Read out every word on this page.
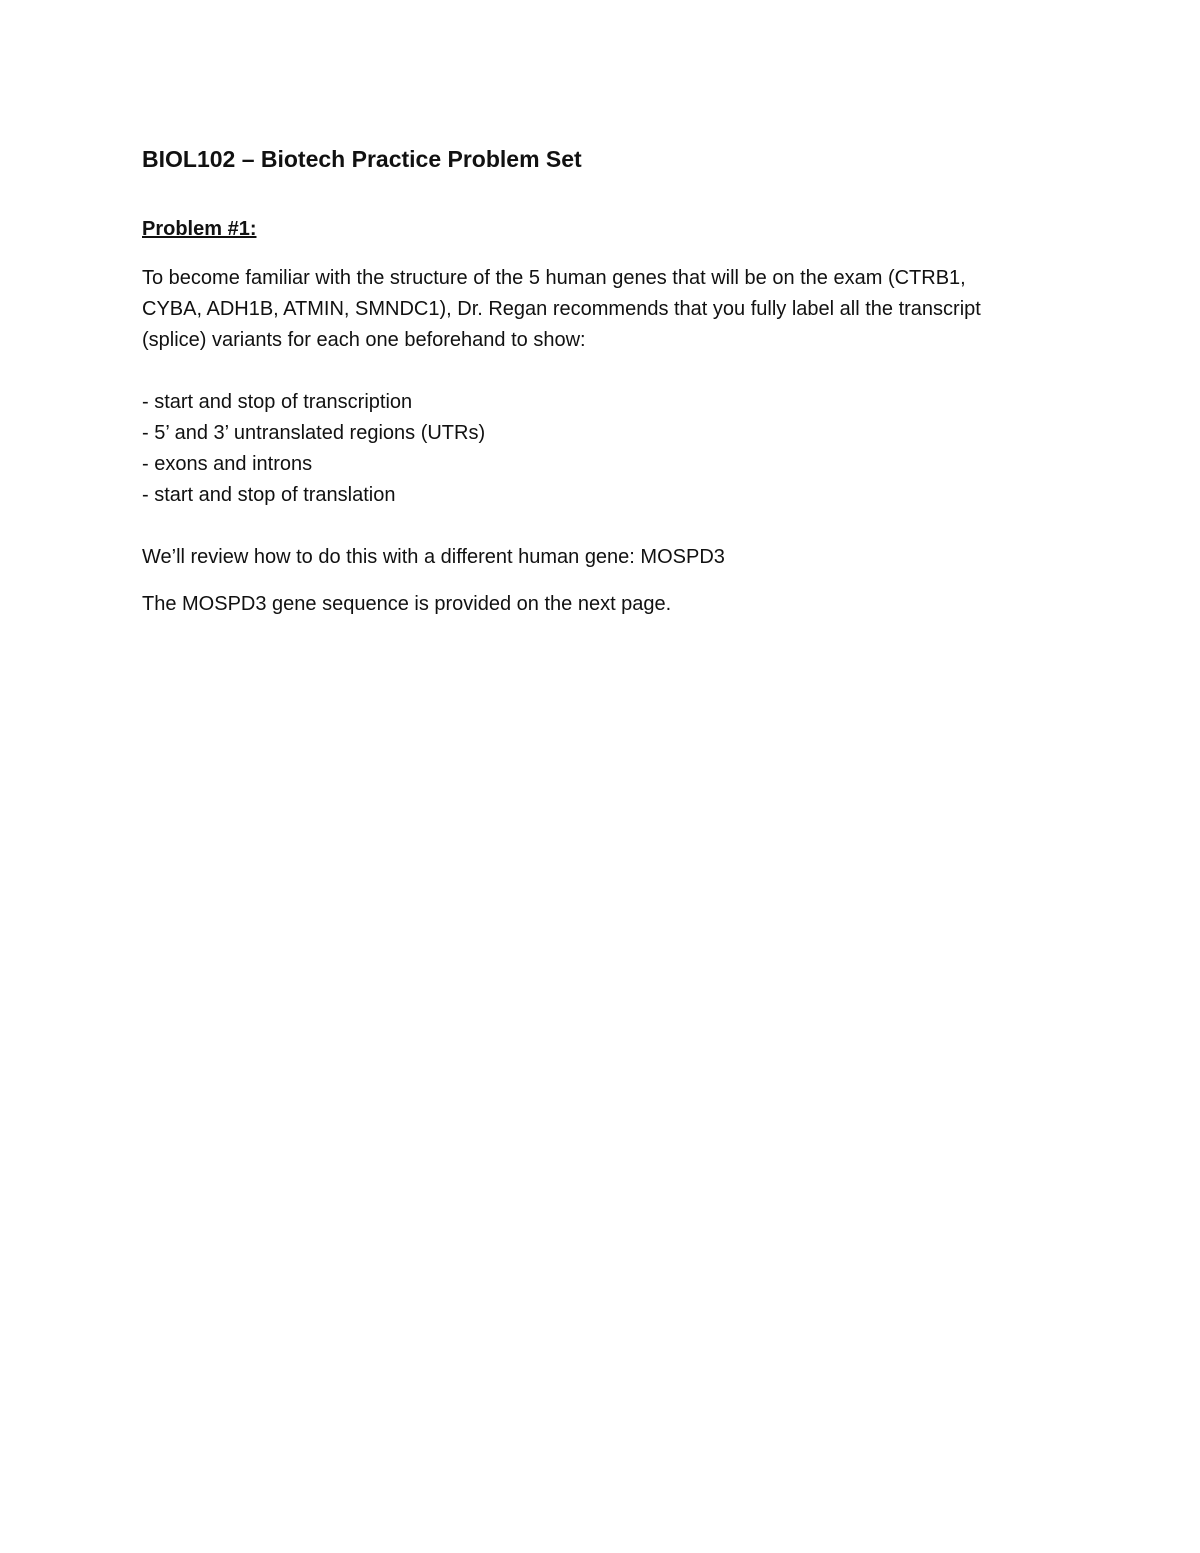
BIOL102 – Biotech Practice Problem Set
Problem #1:

To become familiar with the structure of the 5 human genes that will be on the exam (CTRB1,

CYBA, ADH1B, ATMIN, SMNDC1), Dr. Regan recommends that you fully label all the transcript

(splice) variants for each one beforehand to show:

- start and stop of transcription
- 5’ and 3’ untranslated regions (UTRs)
- exons and introns
- start and stop of translation

We’ll review how to do this with a different human gene: MOSPD3

The MOSPD3 gene sequence is provided on the next page.
